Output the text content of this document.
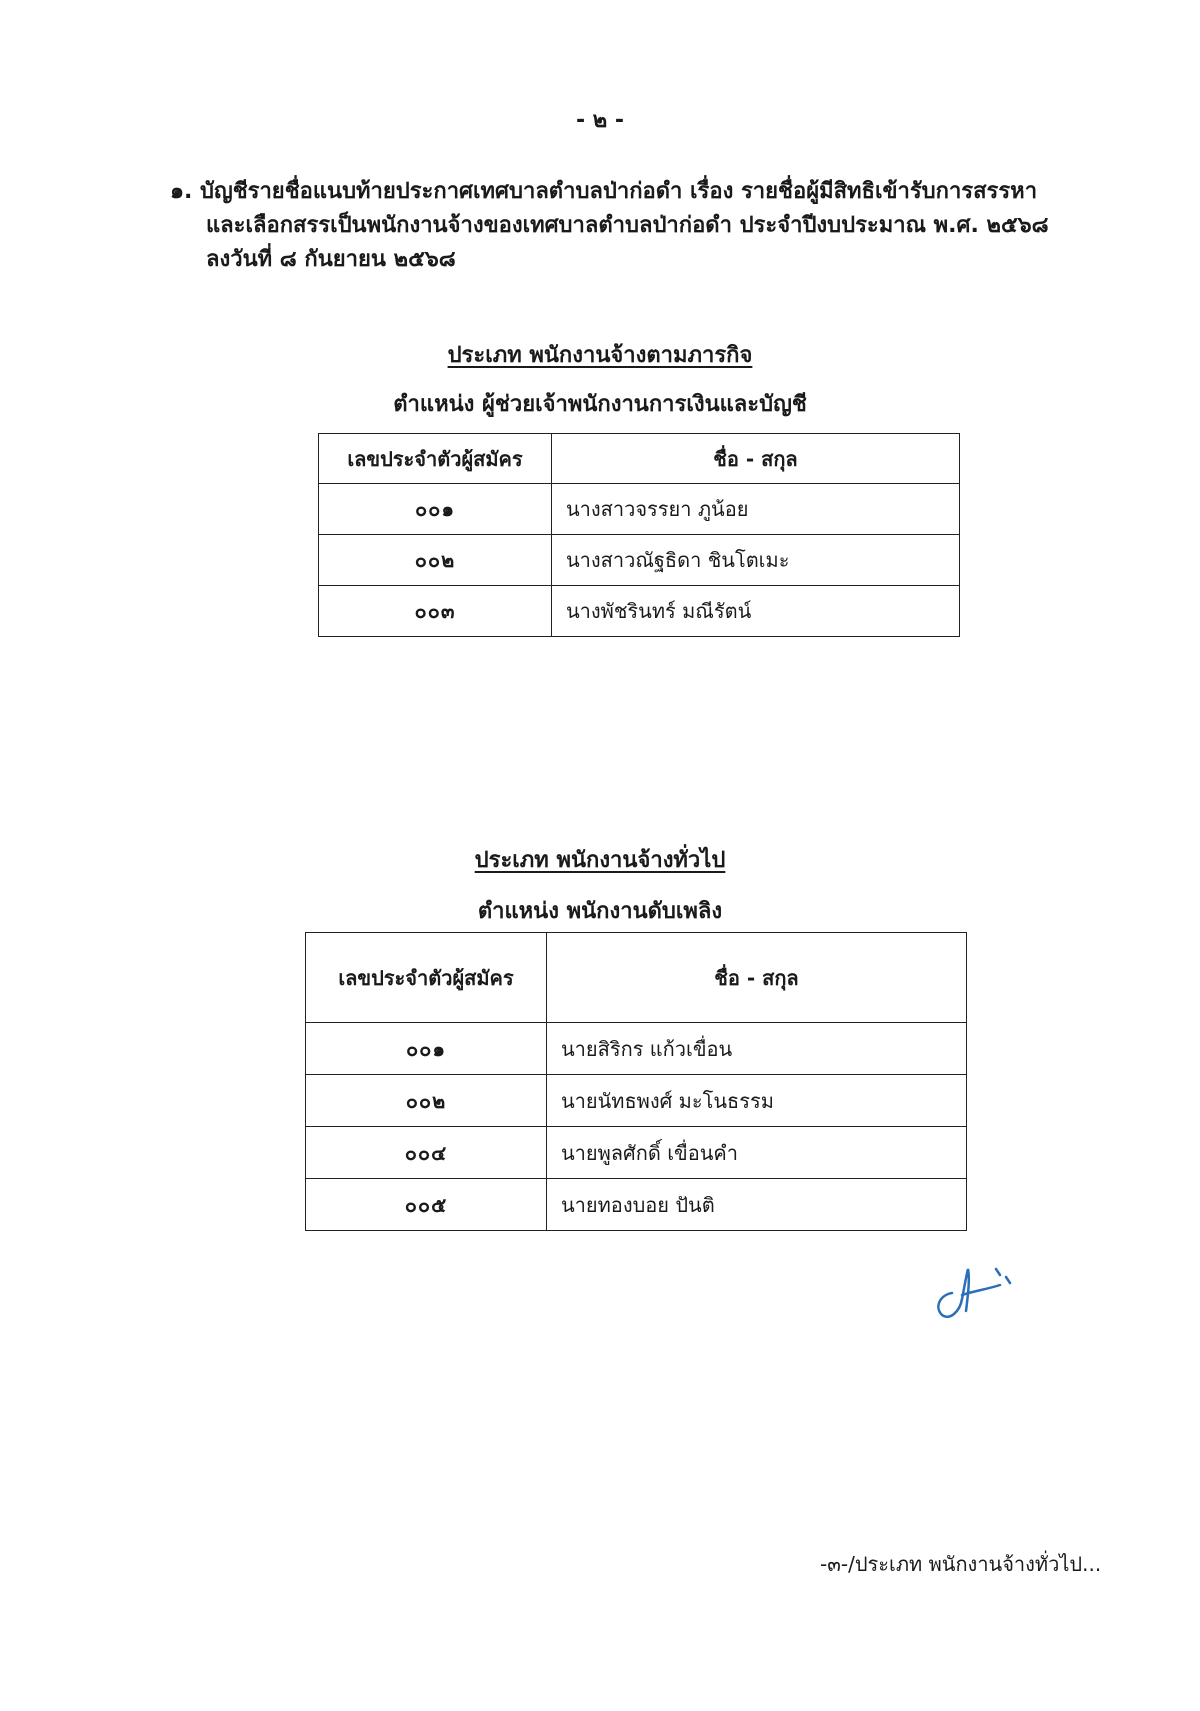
- ๒ -
๑. บัญชีรายชื่อแนบท้ายประกาศเทศบาลตำบลป่าก่อดำ เรื่อง รายชื่อผู้มีสิทธิเข้ารับการสรรหา
และเลือกสรรเป็นพนักงานจ้างของเทศบาลตำบลป่าก่อดำ ประจำปีงบประมาณ พ.ศ. ๒๕๖๘
ลงวันที่ ๘ กันยายน ๒๕๖๘
ประเภท พนักงานจ้างตามภารกิจ
ตำแหน่ง ผู้ช่วยเจ้าพนักงานการเงินและบัญชี
เลขประจำตัวผู้สมัคร	ชื่อ - สกุล
๐๐๑	นางสาวจรรยา ภูน้อย
๐๐๒	นางสาวณัฐธิดา ชินโตเมะ
๐๐๓	นางพัชรินทร์ มณีรัตน์
ประเภท พนักงานจ้างทั่วไป
ตำแหน่ง พนักงานดับเพลิง
เลขประจำตัวผู้สมัคร	ชื่อ - สกุล
๐๐๑	นายสิริกร แก้วเขื่อน
๐๐๒	นายนัทธพงศ์ มะโนธรรม
๐๐๔	นายพูลศักดิ์ เขื่อนคำ
๐๐๕	นายทองบอย ปันติ
-๓-/ประเภท พนักงานจ้างทั่วไป...
